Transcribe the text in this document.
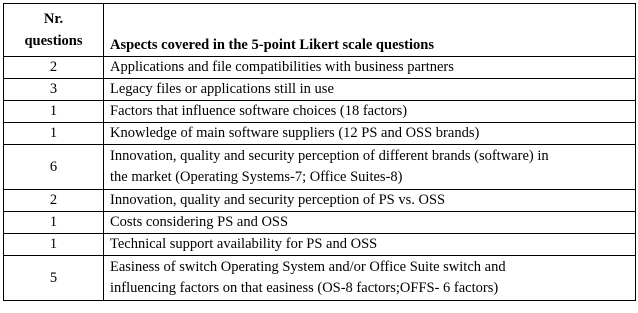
Nr.
questions	Aspects covered in the 5-point Likert scale questions
2	Applications and file compatibilities with business partners
3	Legacy files or applications still in use
1	Factors that influence software choices (18 factors)
1	Knowledge of main software suppliers (12 PS and OSS brands)
6	Innovation, quality and security perception of different brands (software) in
the market (Operating Systems-7; Office Suites-8)
2	Innovation, quality and security perception of PS vs. OSS
1	Costs considering PS and OSS
1	Technical support availability for PS and OSS
5	Easiness of switch Operating System and/or Office Suite switch and
influencing factors on that easiness (OS-8 factors;OFFS- 6 factors)
